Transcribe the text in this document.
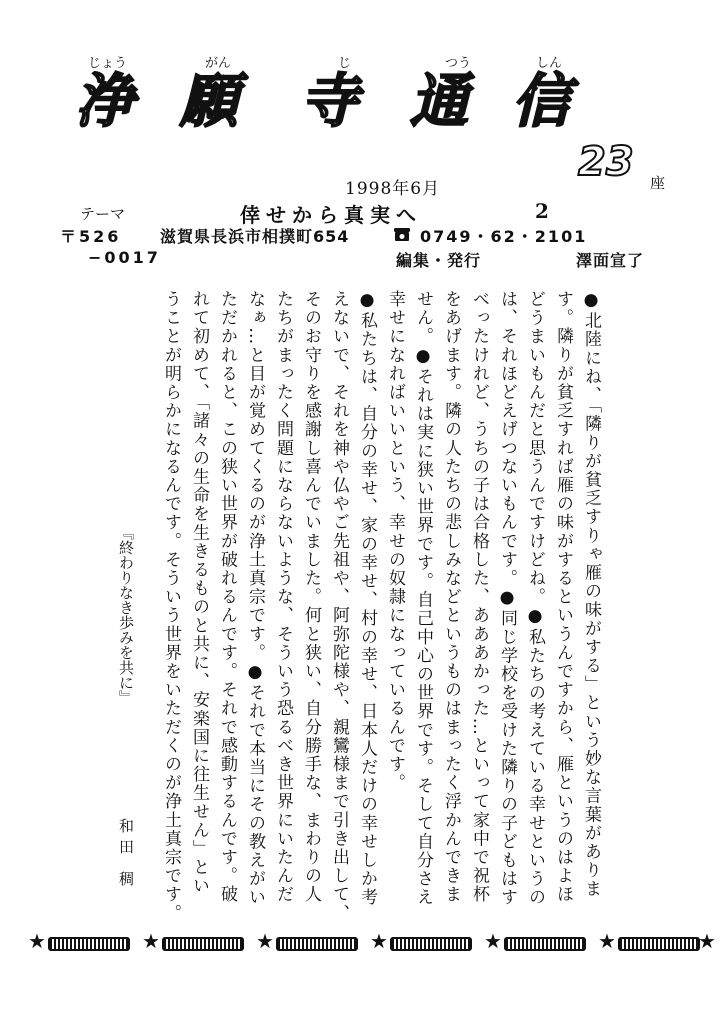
じょう	がん	じ	つう	しん
浄 願 寺 通 信
1998年6月
23 座
テーマ	倖せから真実へ	2
〒526 滋賀県長浜市相撲町654	0749・62・2101
−0017	編集・発行	澤面宣了
●北陸にね、「隣りが貧乏すりゃ雁の味がする」という妙な言葉がありま
す。隣りが貧乏すれば雁の味がするというんですから、雁というのはよほ
どうまいもんだと思うんですけどね。●私たちの考えている幸せというの
は、それほどえげつないもんです。●同じ学校を受けた隣りの子どもはす
べったけれど、うちの子は合格した、あああかった…といって家中で祝杯
をあげます。隣の人たちの悲しみなどというものはまったく浮かんできま
せん。●それは実に狭い世界です。自己中心の世界です。そして自分さえ
幸せになればいいという、幸せの奴隷になっているんです。
●私たちは、自分の幸せ、家の幸せ、村の幸せ、日本人だけの幸せしか考
えないで、それを神や仏やご先祖や、阿弥陀様や、親鸞様まで引き出して、
そのお守りを感謝し喜んでいました。何と狭い、自分勝手な、まわりの人
たちがまったく問題にならないような、そういう恐るべき世界にいたんだ
なぁ…と目が覚めてくるのが浄土真宗です。●それで本当にその教えがい
ただかれると、この狭い世界が破れるんです。それで感動するんです。破
れて初めて、「諸々の生命を生きるものと共に、安楽国に往生せん」とい
うことが明らかになるんです。そういう世界をいただくのが浄土真宗です。
『終わりなき歩みを共に』
和田 稠
★	★	★	★	★	★	★
